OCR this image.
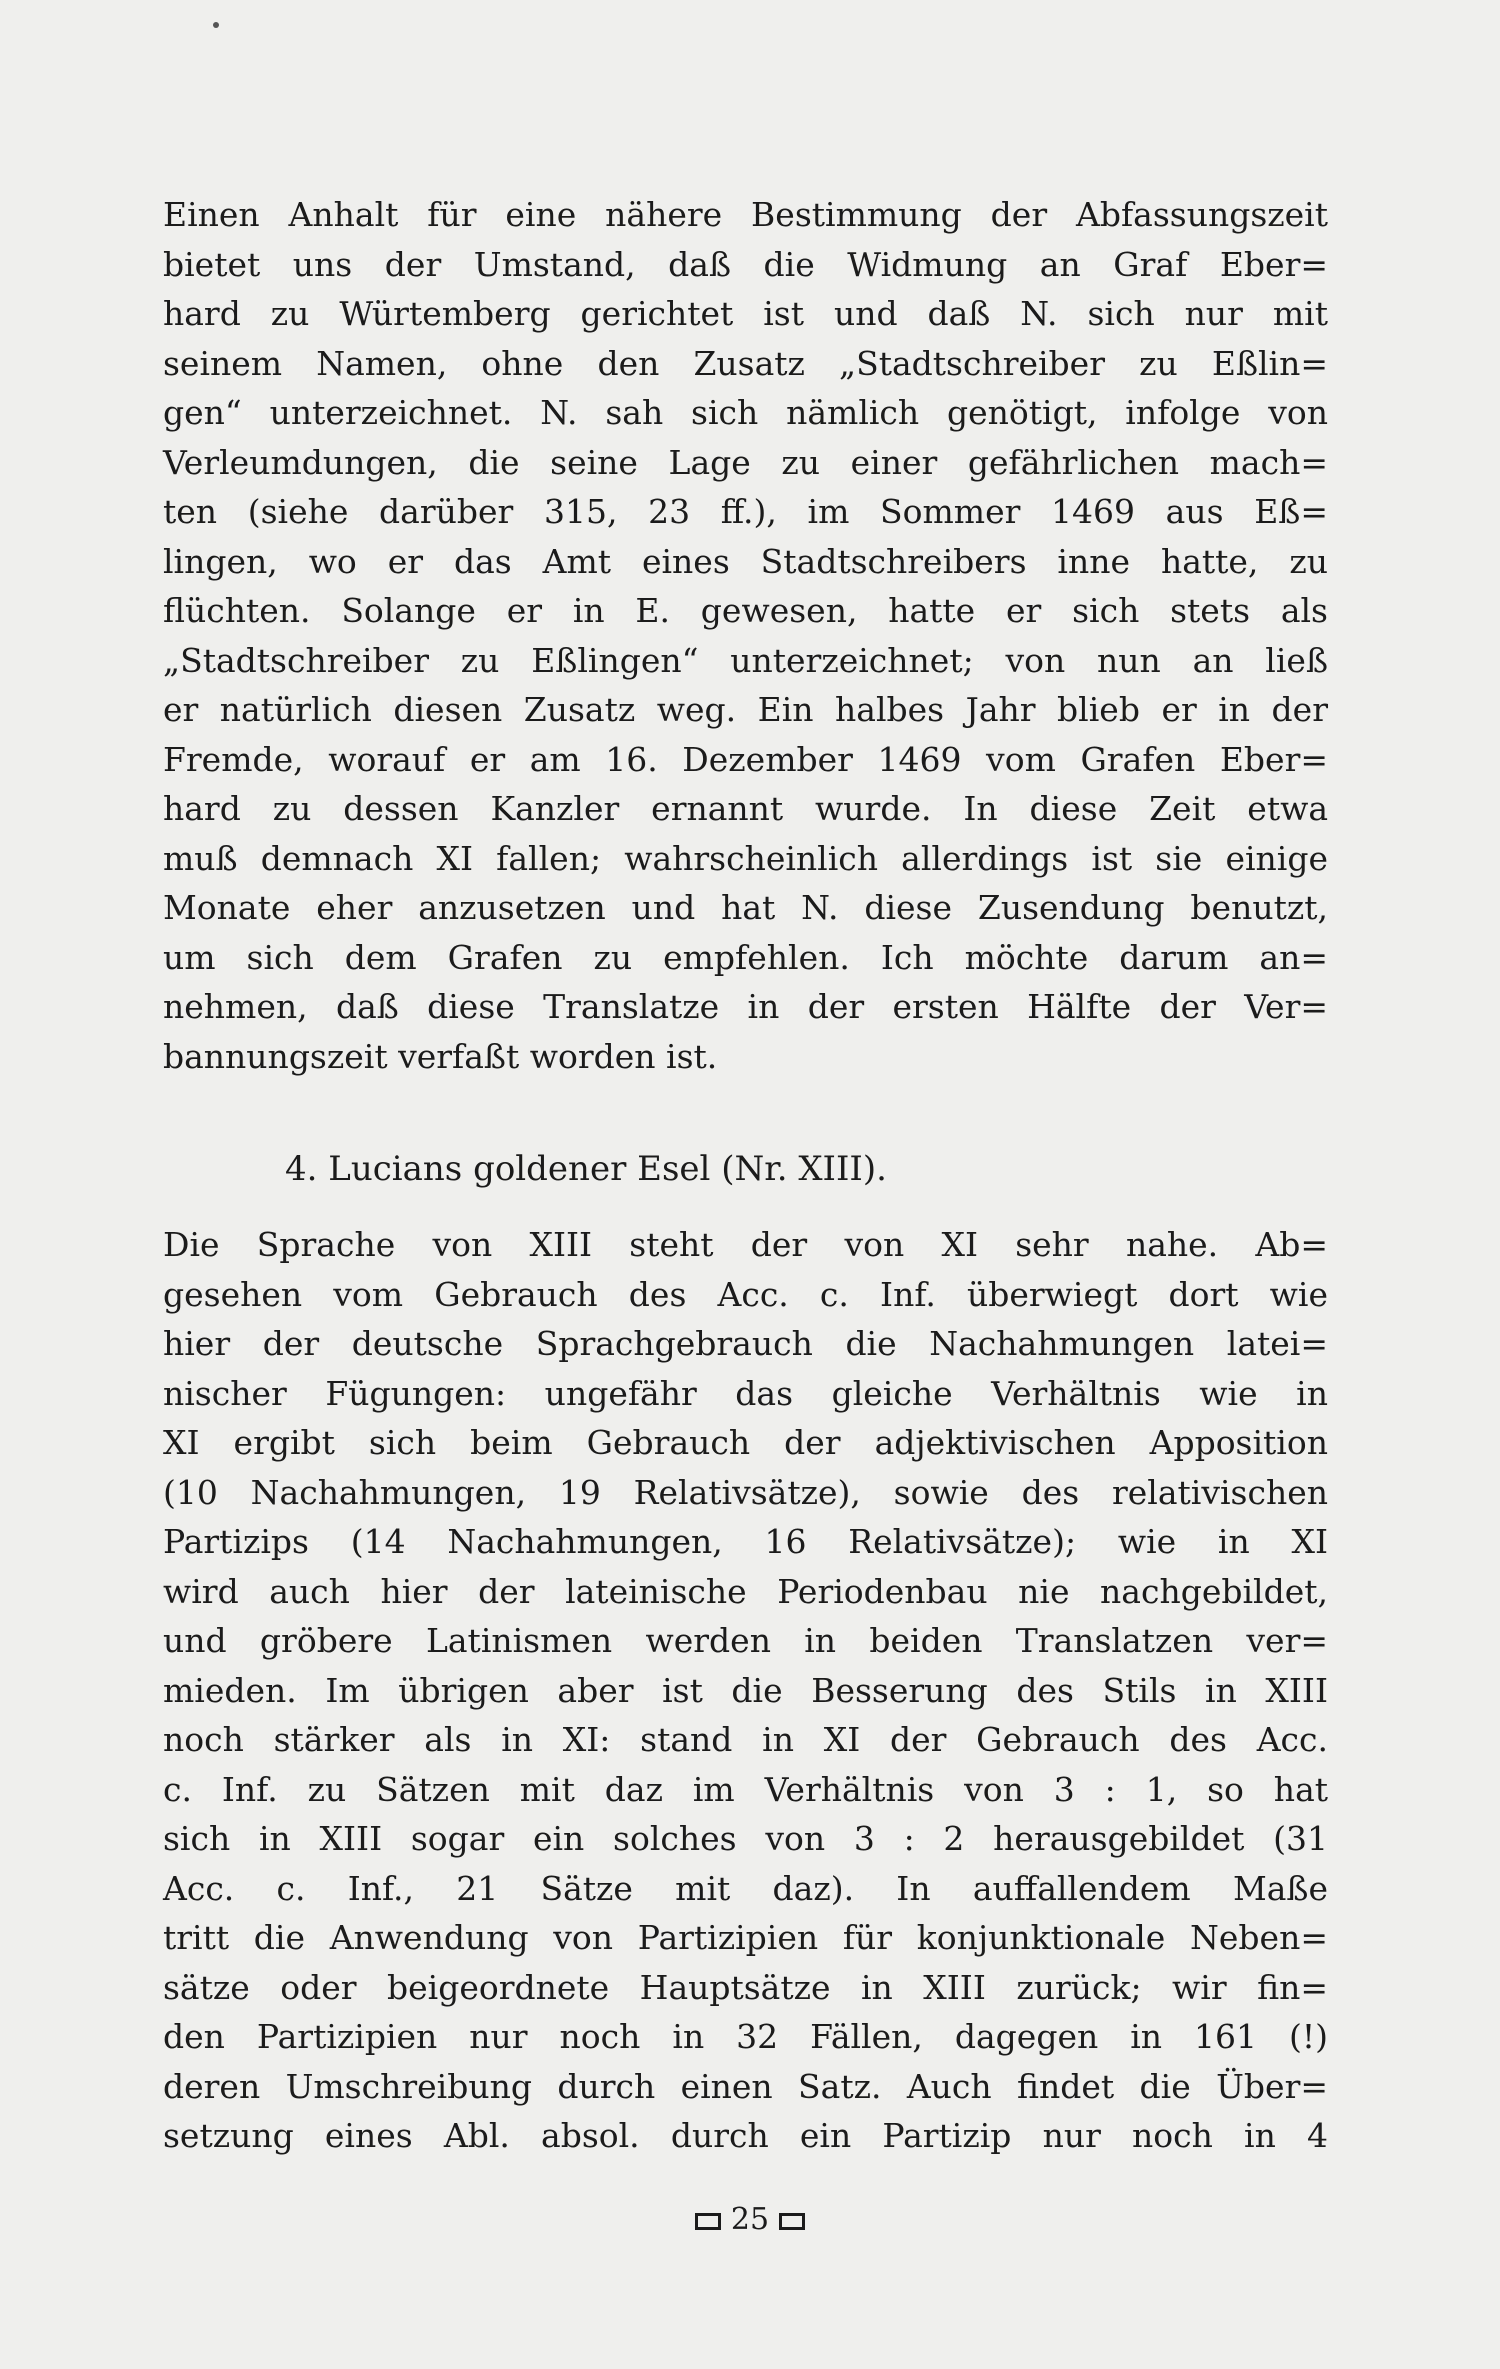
Einen Anhalt für eine nähere Bestimmung der Abfassungszeit
bietet uns der Umstand, daß die Widmung an Graf Eber=
hard zu Würtemberg gerichtet ist und daß N. sich nur mit
seinem Namen, ohne den Zusatz „Stadtschreiber zu Eßlin=
gen“ unterzeichnet. N. sah sich nämlich genötigt, infolge von
Verleumdungen, die seine Lage zu einer gefährlichen mach=
ten (siehe darüber 315, 23 ff.), im Sommer 1469 aus Eß=
lingen, wo er das Amt eines Stadtschreibers inne hatte, zu
flüchten. Solange er in E. gewesen, hatte er sich stets als
„Stadtschreiber zu Eßlingen“ unterzeichnet; von nun an ließ
er natürlich diesen Zusatz weg. Ein halbes Jahr blieb er in der
Fremde, worauf er am 16. Dezember 1469 vom Grafen Eber=
hard zu dessen Kanzler ernannt wurde. In diese Zeit etwa
muß demnach XI fallen; wahrscheinlich allerdings ist sie einige
Monate eher anzusetzen und hat N. diese Zusendung benutzt,
um sich dem Grafen zu empfehlen. Ich möchte darum an=
nehmen, daß diese Translatze in der ersten Hälfte der Ver=
bannungszeit verfaßt worden ist.
4. Lucians goldener Esel (Nr. XIII).
Die Sprache von XIII steht der von XI sehr nahe. Ab=
gesehen vom Gebrauch des Acc. c. Inf. überwiegt dort wie
hier der deutsche Sprachgebrauch die Nachahmungen latei=
nischer Fügungen: ungefähr das gleiche Verhältnis wie in
XI ergibt sich beim Gebrauch der adjektivischen Apposition
(10 Nachahmungen, 19 Relativsätze), sowie des relativischen
Partizips (14 Nachahmungen, 16 Relativsätze); wie in XI
wird auch hier der lateinische Periodenbau nie nachgebildet,
und gröbere Latinismen werden in beiden Translatzen ver=
mieden. Im übrigen aber ist die Besserung des Stils in XIII
noch stärker als in XI: stand in XI der Gebrauch des Acc.
c. Inf. zu Sätzen mit daz im Verhältnis von 3 : 1, so hat
sich in XIII sogar ein solches von 3 : 2 herausgebildet (31
Acc. c. Inf., 21 Sätze mit daz). In auffallendem Maße
tritt die Anwendung von Partizipien für konjunktionale Neben=
sätze oder beigeordnete Hauptsätze in XIII zurück; wir fin=
den Partizipien nur noch in 32 Fällen, dagegen in 161 (!)
deren Umschreibung durch einen Satz. Auch findet die Über=
setzung eines Abl. absol. durch ein Partizip nur noch in 4
25
